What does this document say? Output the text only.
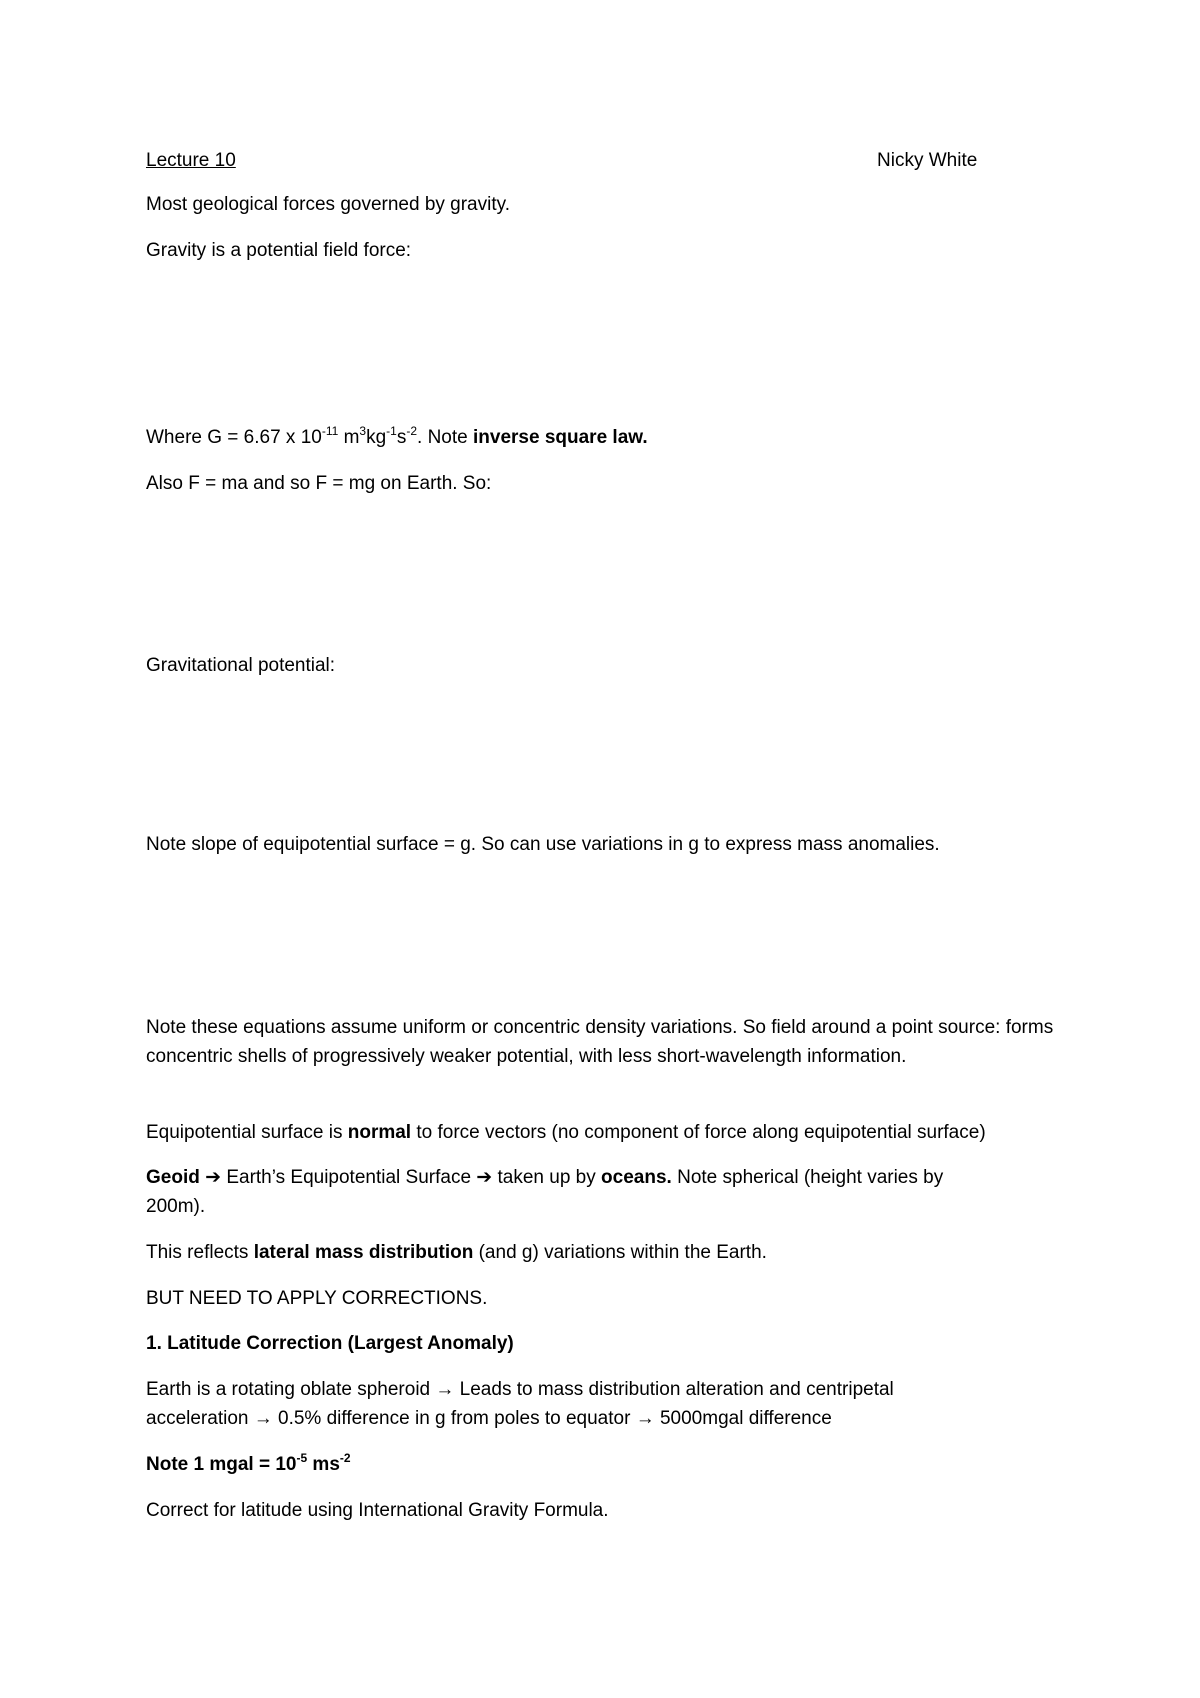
Lecture 10	Nicky White
Most geological forces governed by gravity.
Gravity is a potential field force:
Where G = 6.67 x $10^{-11}$ $m^3kg^{-1}s^{-2}$. Note inverse square law.
Also F = ma and so F = mg on Earth. So:
Gravitational potential:
Note slope of equipotential surface = g. So can use variations in g to express mass anomalies.
Note these equations assume uniform or concentric density variations. So field around a point source: forms concentric shells of progressively weaker potential, with less short-wavelength information.
Equipotential surface is normal to force vectors (no component of force along equipotential surface)
Geoid ➔ Earth’s Equipotential Surface ➔ taken up by oceans. Note spherical (height varies by 200m).
This reflects lateral mass distribution (and g) variations within the Earth.
BUT NEED TO APPLY CORRECTIONS.
1. Latitude Correction (Largest Anomaly)
Earth is a rotating oblate spheroid → Leads to mass distribution alteration and centripetal acceleration → 0.5% difference in g from poles to equator → 5000mgal difference
Note 1 mgal = $10^{-5}$ $ms^{-2}$
Correct for latitude using International Gravity Formula.
